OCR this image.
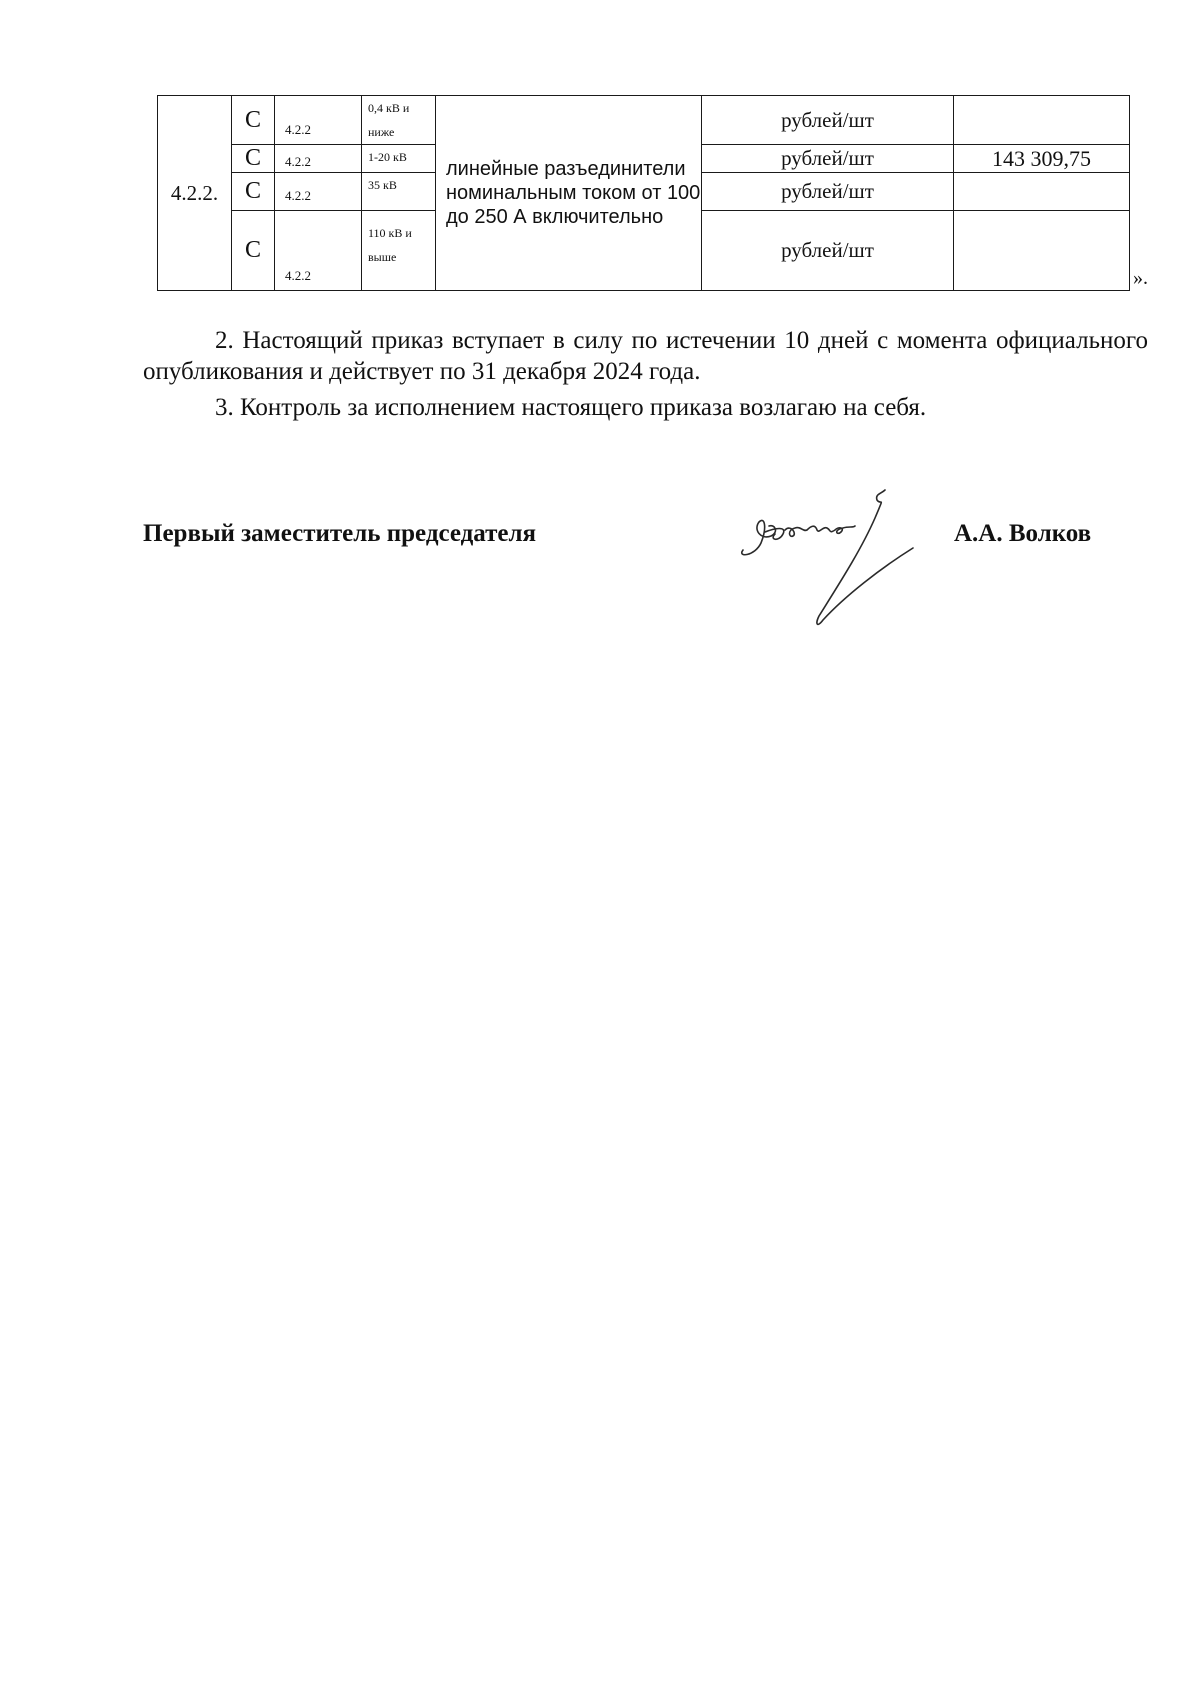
4.2.2.	С	4.2.2	0,4 кВ и ниже	линейные разъединители номинальным током от 100 до 250 А включительно	рублей/шт	
	С	4.2.2	1-20 кВ		рублей/шт	143 309,75
	С	4.2.2	35 кВ		рублей/шт	
	С	4.2.2	110 кВ и выше		рублей/шт	
».

2. Настоящий приказ вступает в силу по истечении 10 дней с момента официального опубликования и действует по 31 декабря 2024 года.

3. Контроль за исполнением настоящего приказа возлагаю на себя.

Первый заместитель председателя	А.А. Волков
